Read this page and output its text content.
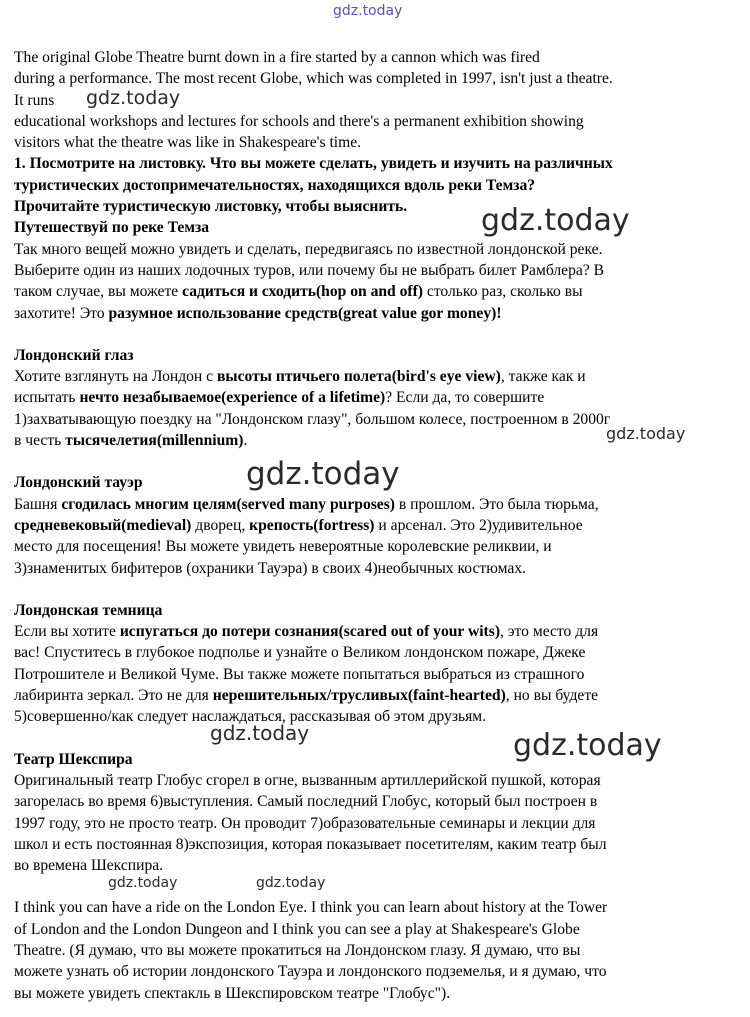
gdz.today

The original Globe Theatre burnt down in a fire started by a cannon which was fired

during a performance. The most recent Globe, which was completed in 1997, isn't just a theatre.

It runs

educational workshops and lectures for schools and there's a permanent exhibition showing

visitors what the theatre was like in Shakespeare's time.

1. Посмотрите на листовку. Что вы можете сделать, увидеть и изучить на различных

туристических достопримечательностях, находящихся вдоль реки Темза?

Прочитайте туристическую листовку, чтобы выяснить.

Путешествуй по реке Темза

Так много вещей можно увидеть и сделать, передвигаясь по известной лондонской реке.

Выберите один из наших лодочных туров, или почему бы не выбрать билет Рамблера? В

таком случае, вы можете садиться и сходить(hop on and off) столько раз, сколько вы

захотите! Это разумное использование средств(great value gor money)!

Лондонский глаз

Хотите взглянуть на Лондон с высоты птичьего полета(bird's eye view), также как и

испытать нечто незабываемое(experience of a lifetime)? Если да, то совершите

1)захватывающую поездку на "Лондонском глазу", большом колесе, построенном в 2000г

в честь тысячелетия(millennium).

Лондонский тауэр

Башня сгодилась многим целям(served many purposes) в прошлом. Это была тюрьма,

средневековый(medieval) дворец, крепость(fortress) и арсенал. Это 2)удивительное

место для посещения! Вы можете увидеть невероятные королевские реликвии, и

3)знаменитых бифитеров (охраники Тауэра) в своих 4)необычных костюмах.

Лондонская темница

Если вы хотите испугаться до потери сознания(scared out of your wits), это место для

вас! Спуститесь в глубокое подполье и узнайте о Великом лондонском пожаре, Джеке

Потрошителе и Великой Чуме. Вы также можете попытаться выбраться из страшного

лабиринта зеркал. Это не для нерешительных/трусливых(faint-hearted), но вы будете

5)совершенно/как следует наслаждаться, рассказывая об этом друзьям.

Театр Шекспира

Оригинальный театр Глобус сгорел в огне, вызванным артиллерийской пушкой, которая

загорелась во время 6)выступления. Самый последний Глобус, который был построен в

1997 году, это не просто театр. Он проводит 7)образовательные семинары и лекции для

школ и есть постоянная 8)экспозиция, которая показывает посетителям, каким театр был

во времена Шекспира.

I think you can have a ride on the London Eye. I think you can learn about history at the Tower

of London and the London Dungeon and I think you can see a play at Shakespeare's Globe

Theatre. (Я думаю, что вы можете прокатиться на Лондонском глазу. Я думаю, что вы

можете узнать об истории лондонского Тауэра и лондонского подземелья, и я думаю, что

вы можете увидеть спектакль в Шекспировском театре "Глобус").

gdz.today
gdz.today
gdz.today
gdz.today
gdz.today	gdz.today
gdz.today	gdz.today
